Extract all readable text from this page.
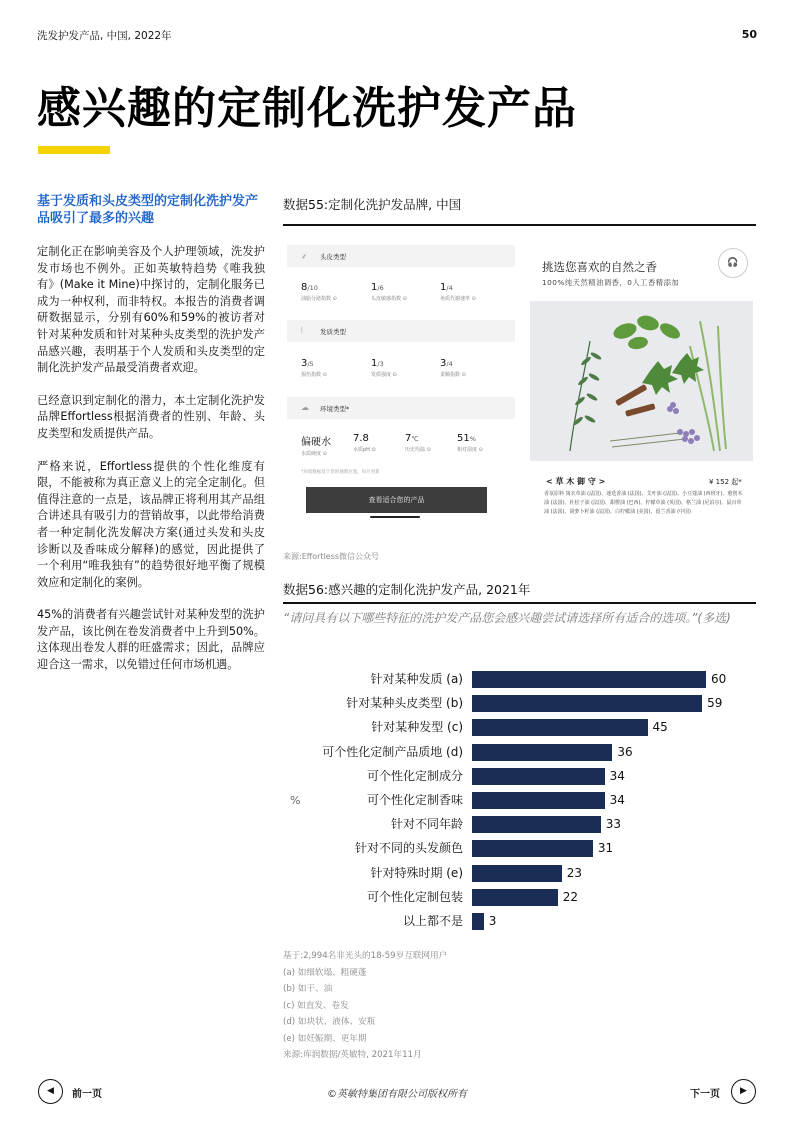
洗发护发产品, 中国, 2022年	50
感兴趣的定制化洗护发产品
基于发质和头皮类型的定制化洗护发产品吸引了最多的兴趣

定制化正在影响美容及个人护理领域，洗发护发市场也不例外。正如英敏特趋势《唯我独有》(Make it Mine)中探讨的，定制化服务已成为一种权利，而非特权。本报告的消费者调研数据显示，分别有60%和59%的被访者对针对某种发质和针对某种头皮类型的洗护发产品感兴趣，表明基于个人发质和头皮类型的定制化洗护发产品最受消费者欢迎。

已经意识到定制化的潜力，本土定制化洗护发品牌Effortless根据消费者的性别、年龄、头皮类型和发质提供产品。

严格来说，Effortless提供的个性化维度有限，不能被称为真正意义上的完全定制化。但值得注意的一点是，该品牌正将利用其产品组合讲述具有吸引力的营销故事，以此带给消费者一种定制化洗发解决方案(通过头发和头皮诊断以及香味成分解释)的感觉，因此提供了一个利用“唯我独有”的趋势很好地平衡了规模效应和定制化的案例。

45%的消费者有兴趣尝试针对某种发型的洗护发产品，该比例在卷发消费者中上升到50%。这体现出卷发人群的旺盛需求；因此，品牌应迎合这一需求，以免错过任何市场机遇。

数据55:定制化洗护发品牌, 中国
⸙ 头皮类型
8/10
油脂分泌指数 ⊙
1/6
头皮敏感指数 ⊙
1/4
角质代谢速率 ⊙
⦚	发质类型
3/5
损伤指数 ⊙
1/3
发质强度 ⊙
3/4
柔顺指数 ⊙
☁ 环境类型*
偏硬水
水质硬度 ⊙
7.8
水质pH ⊙
7℃
历史均温 ⊙
51%
相对湿度 ⊙
*环境数据基于您的地理位置，每月更新
查看适合您的产品
挑选您喜欢的自然之香
100%纯天然精油调香，0人工香精添加
🎧
< 草 木 御 守 >	¥ 152 起*
香氛原料 寓衣草油 (法国)、迷迭香油 (法国)、艾叶油 (法国)、小豆蔻油 (西班牙)、愈创木油 (法国)、杜松子油 (法国)、甜橙油 (巴西)、柠檬草油 (英国)、格兰油 (尼泊尔)、鼠百草油 (法国)、胡萝卜籽油 (法国)、白柠檬油 (美国)、留兰香油 (中国)
来源:Effortless微信公众号
数据56:感兴趣的定制化洗护发产品, 2021年
“请问具有以下哪些特征的洗护发产品您会感兴趣尝试请选择所有适合的选项。”(多选)
%
针对某种发质 (a)	60
针对某种头皮类型 (b)	59
针对某种发型 (c)	45
可个性化定制产品质地 (d)	36
可个性化定制成分	34
可个性化定制香味	34
针对不同年龄	33
针对不同的头发颜色	31
针对特殊时期 (e)	23
可个性化定制包装	22
以上都不是 3
基于:2,994名非光头的18-59岁互联网用户
(a) 如细软塌、粗硬蓬
(b) 如干、油
(c) 如直发、卷发
(d) 如块状、液体、安瓶
(e) 如妊娠期、更年期
来源:库润数据/英敏特, 2021年11月
◀	前一页	©英敏特集团有限公司版权所有	下一页	▶
